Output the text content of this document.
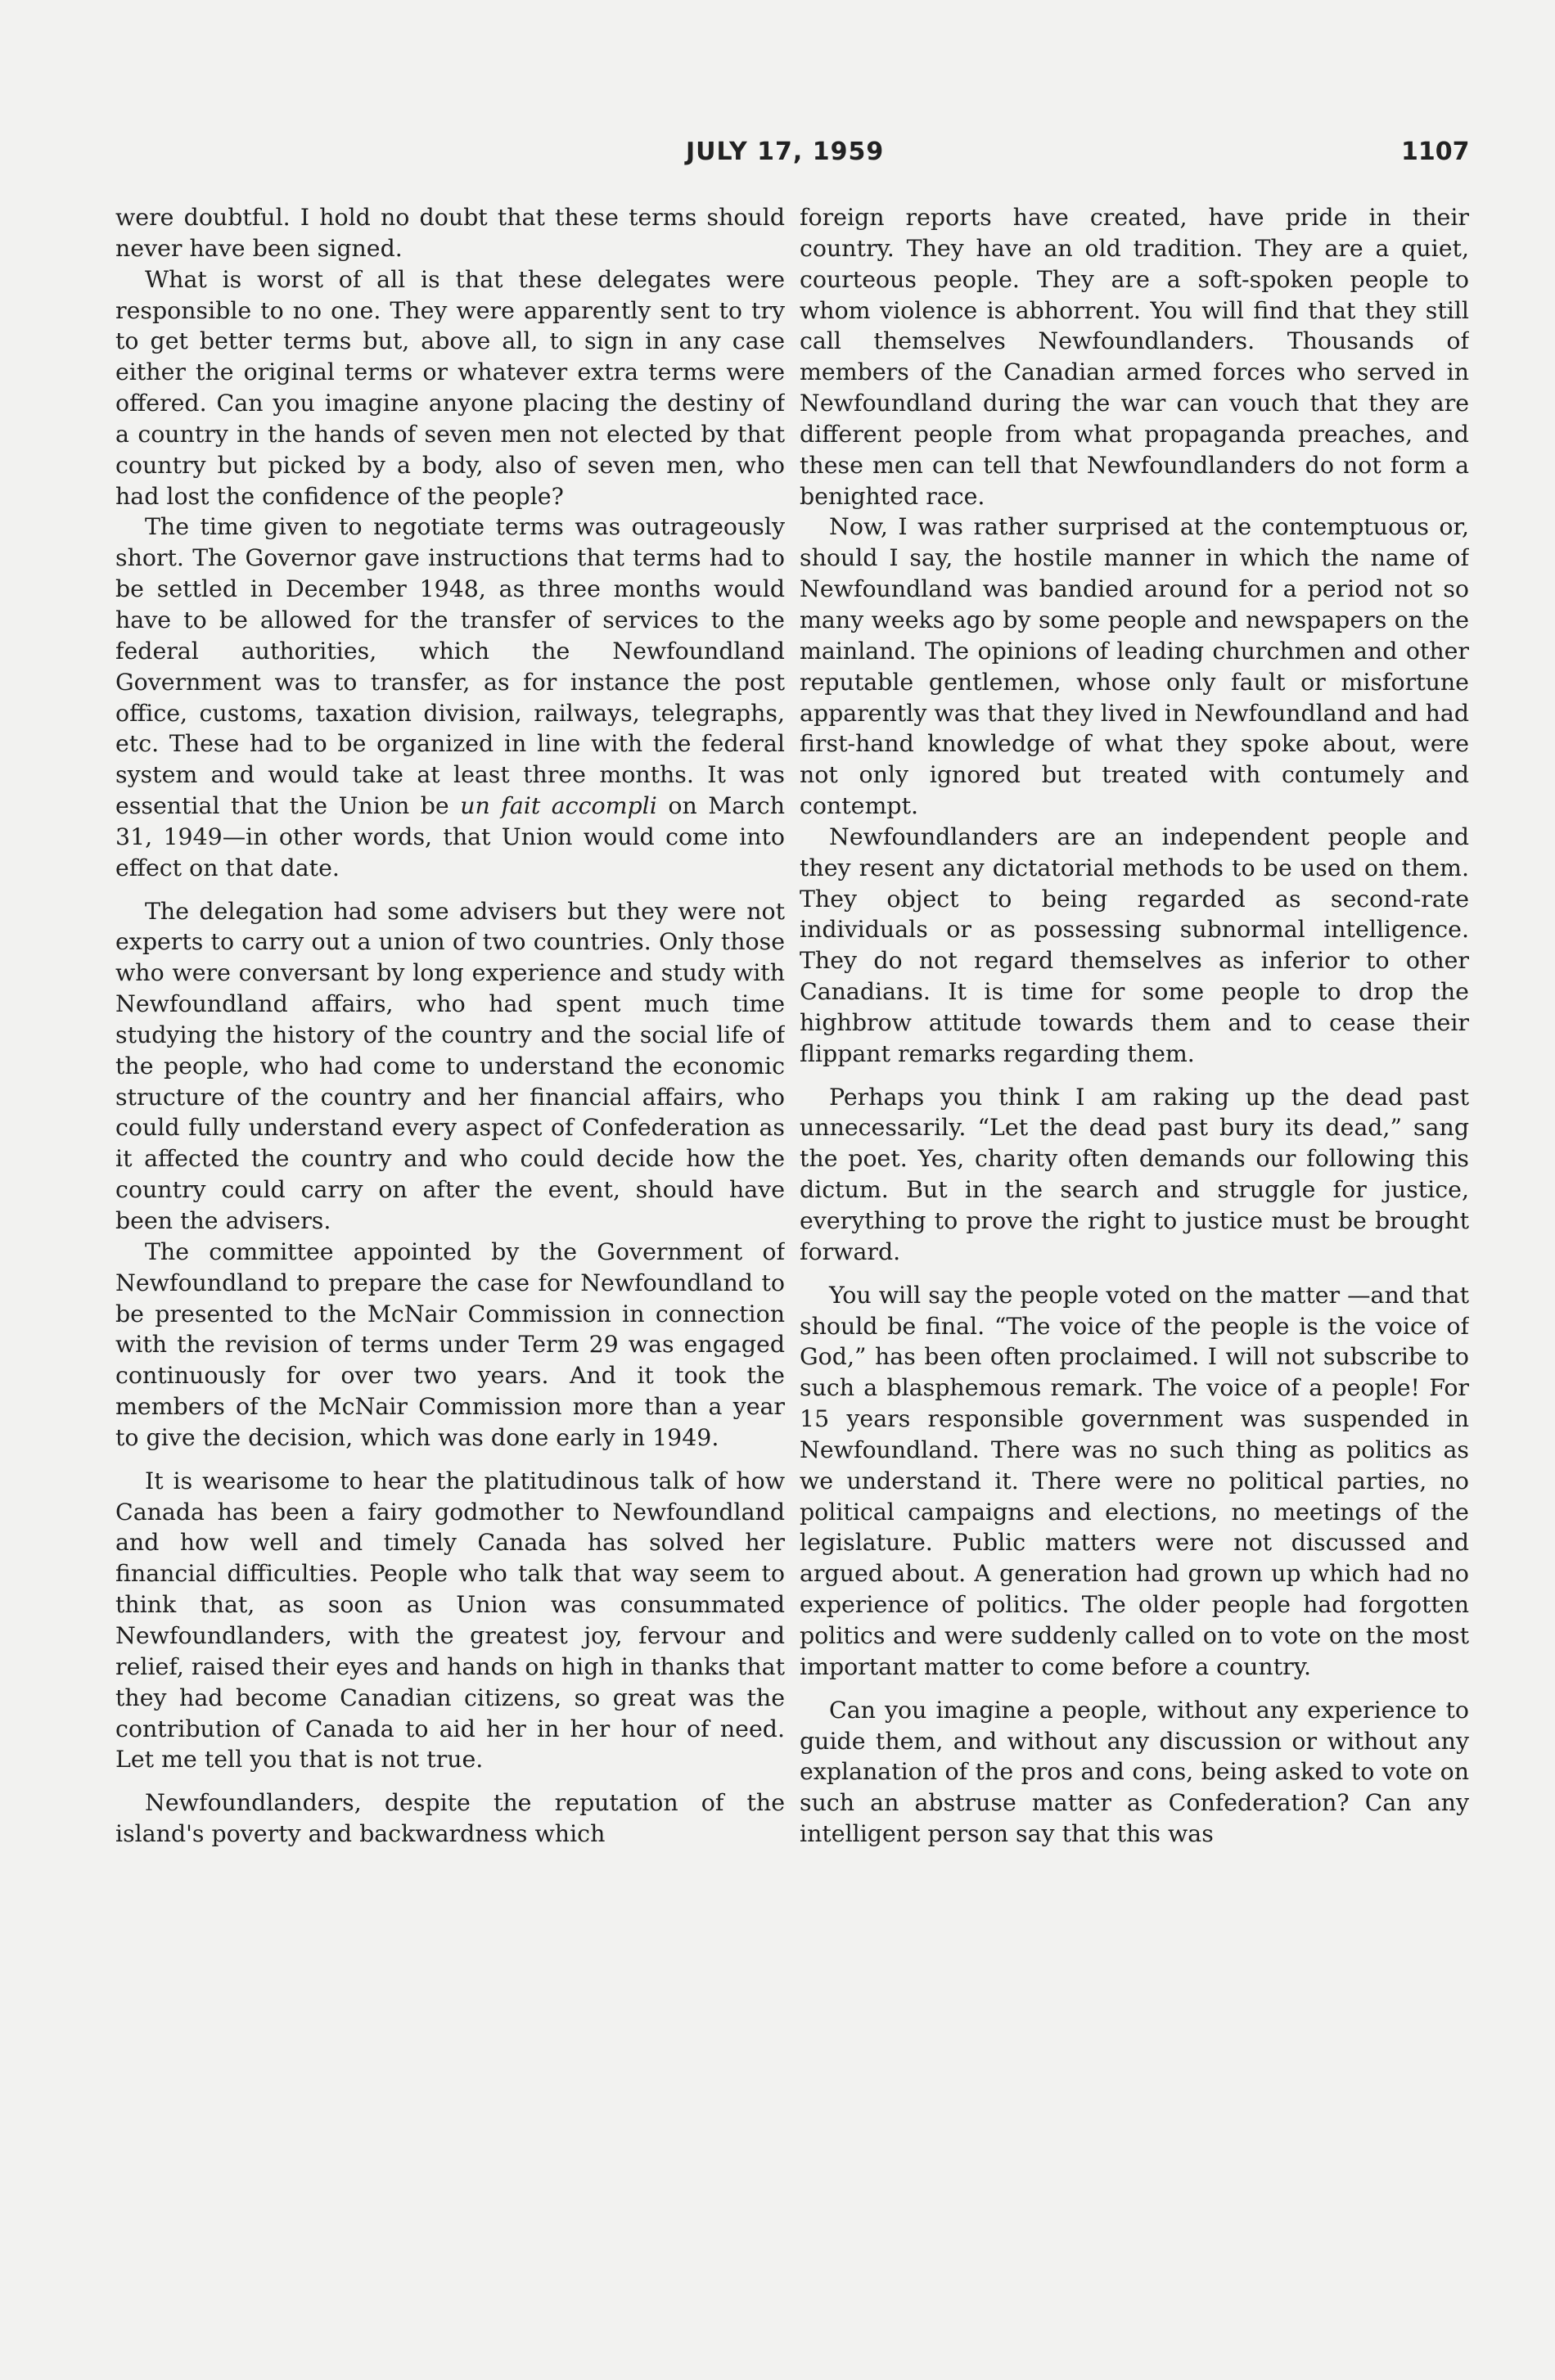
JULY 17, 1959	1107

were doubtful. I hold no doubt that these terms should never have been signed.

What is worst of all is that these delegates were responsible to no one. They were apparently sent to try to get better terms but, above all, to sign in any case either the original terms or whatever extra terms were offered. Can you imagine anyone placing the destiny of a country in the hands of seven men not elected by that country but picked by a body, also of seven men, who had lost the confidence of the people?

The time given to negotiate terms was outrageously short. The Governor gave instructions that terms had to be settled in December 1948, as three months would have to be allowed for the transfer of services to the federal authorities, which the Newfoundland Government was to transfer, as for instance the post office, customs, taxation division, railways, telegraphs, etc. These had to be organized in line with the federal system and would take at least three months. It was essential that the Union be un fait accompli on March 31, 1949—in other words, that Union would come into effect on that date.

The delegation had some advisers but they were not experts to carry out a union of two countries. Only those who were conversant by long experience and study with Newfoundland affairs, who had spent much time studying the history of the country and the social life of the people, who had come to understand the economic structure of the country and her financial affairs, who could fully understand every aspect of Confederation as it affected the country and who could decide how the country could carry on after the event, should have been the advisers.

The committee appointed by the Government of Newfoundland to prepare the case for Newfoundland to be presented to the McNair Commission in connection with the revision of terms under Term 29 was engaged continuously for over two years. And it took the members of the McNair Commission more than a year to give the decision, which was done early in 1949.

It is wearisome to hear the platitudinous talk of how Canada has been a fairy godmother to Newfoundland and how well and timely Canada has solved her financial difficulties. People who talk that way seem to think that, as soon as Union was consummated Newfoundlanders, with the greatest joy, fervour and relief, raised their eyes and hands on high in thanks that they had become Canadian citizens, so great was the contribution of Canada to aid her in her hour of need. Let me tell you that is not true.

Newfoundlanders, despite the reputation of the island's poverty and backwardness which

foreign reports have created, have pride in their country. They have an old tradition. They are a quiet, courteous people. They are a soft-spoken people to whom violence is abhorrent. You will find that they still call themselves Newfoundlanders. Thousands of members of the Canadian armed forces who served in Newfoundland during the war can vouch that they are different people from what propaganda preaches, and these men can tell that Newfoundlanders do not form a benighted race.

Now, I was rather surprised at the contemptuous or, should I say, the hostile manner in which the name of Newfoundland was bandied around for a period not so many weeks ago by some people and newspapers on the mainland. The opinions of leading churchmen and other reputable gentlemen, whose only fault or misfortune apparently was that they lived in Newfoundland and had first-hand knowledge of what they spoke about, were not only ignored but treated with contumely and contempt.

Newfoundlanders are an independent people and they resent any dictatorial methods to be used on them. They object to being regarded as second-rate individuals or as possessing subnormal intelligence. They do not regard themselves as inferior to other Canadians. It is time for some people to drop the highbrow attitude towards them and to cease their flippant remarks regarding them.

Perhaps you think I am raking up the dead past unnecessarily. “Let the dead past bury its dead,” sang the poet. Yes, charity often demands our following this dictum. But in the search and struggle for justice, everything to prove the right to justice must be brought forward.

You will say the people voted on the matter —and that should be final. “The voice of the people is the voice of God,” has been often proclaimed. I will not subscribe to such a blasphemous remark. The voice of a people! For 15 years responsible government was suspended in Newfoundland. There was no such thing as politics as we understand it. There were no political parties, no political campaigns and elections, no meetings of the legislature. Public matters were not discussed and argued about. A generation had grown up which had no experience of politics. The older people had forgotten politics and were suddenly called on to vote on the most important matter to come before a country.

Can you imagine a people, without any experience to guide them, and without any discussion or without any explanation of the pros and cons, being asked to vote on such an abstruse matter as Confederation? Can any intelligent person say that this was
